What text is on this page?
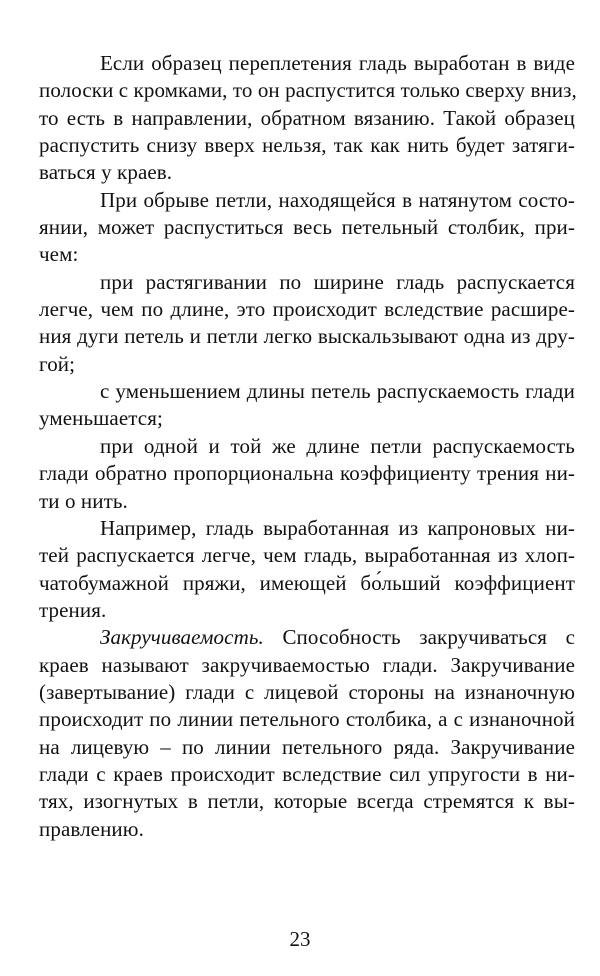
Если образец переплетения гладь выработан в виде
полоски с кромками, то он распустится только сверху вниз,
то есть в направлении, обратном вязанию. Такой образец
распустить снизу вверх нельзя, так как нить будет затяги-
ваться у краев.
При обрыве петли, находящейся в натянутом состо-
янии, может распуститься весь петельный столбик, при-
чем:
при растягивании по ширине гладь распускается
легче, чем по длине, это происходит вследствие расшире-
ния дуги петель и петли легко выскальзывают одна из дру-
гой;
с уменьшением длины петель распускаемость глади
уменьшается;
при одной и той же длине петли распускаемость
глади обратно пропорциональна коэффициенту трения ни-
ти о нить.
Например, гладь выработанная из капроновых ни-
тей распускается легче, чем гладь, выработанная из хлоп-
чатобумажной пряжи, имеющей бо́льший коэффициент
трения.
Закручиваемость. Способность закручиваться с
краев называют закручиваемостью глади. Закручивание
(завертывание) глади с лицевой стороны на изнаночную
происходит по линии петельного столбика, а с изнаночной
на лицевую – по линии петельного ряда. Закручивание
глади с краев происходит вследствие сил упругости в ни-
тях, изогнутых в петли, которые всегда стремятся к вы-
правлению.
23
